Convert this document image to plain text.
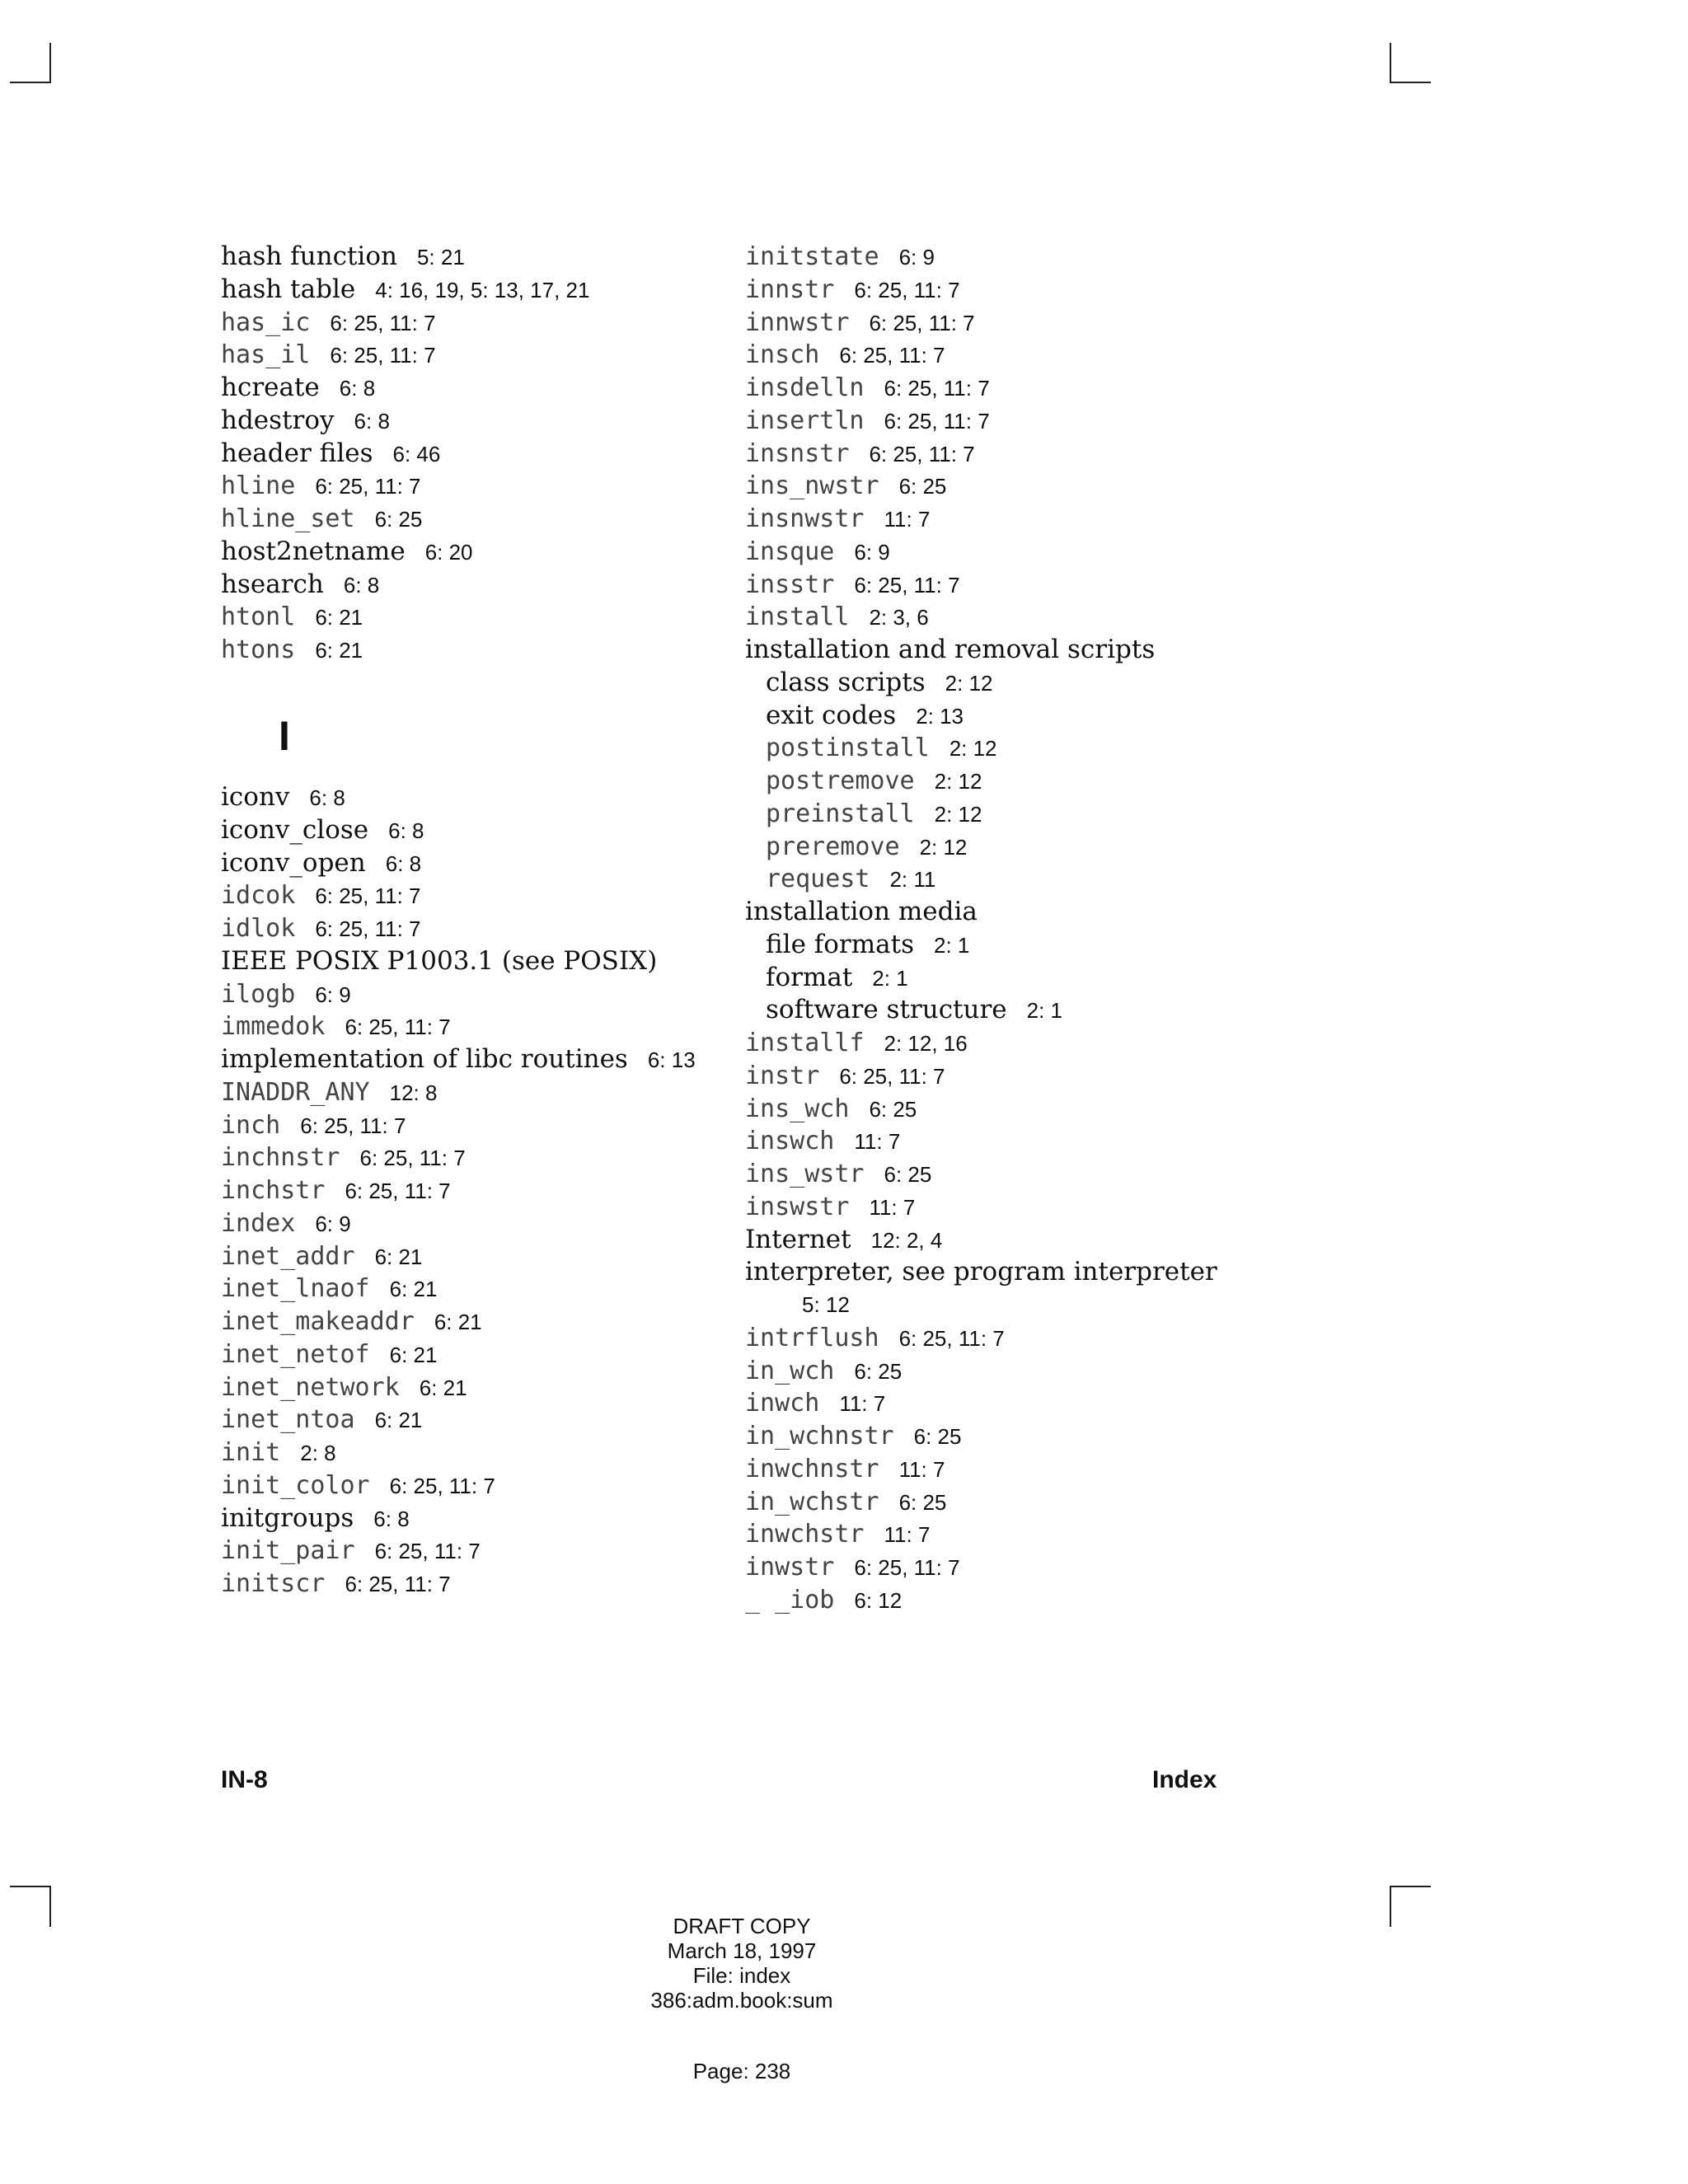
hash function 5: 21
hash table 4: 16, 19, 5: 13, 17, 21
has_ic 6: 25, 11: 7
has_il 6: 25, 11: 7
hcreate 6: 8
hdestroy 6: 8
header files 6: 46
hline 6: 25, 11: 7
hline_set 6: 25
host2netname 6: 20
hsearch 6: 8
htonl 6: 21
htons 6: 21
I
iconv 6: 8
iconv_close 6: 8
iconv_open 6: 8
idcok 6: 25, 11: 7
idlok 6: 25, 11: 7
IEEE POSIX P1003.1 (see POSIX)
ilogb 6: 9
immedok 6: 25, 11: 7
implementation of libc routines 6: 13
INADDR_ANY 12: 8
inch 6: 25, 11: 7
inchnstr 6: 25, 11: 7
inchstr 6: 25, 11: 7
index 6: 9
inet_addr 6: 21
inet_lnaof 6: 21
inet_makeaddr 6: 21
inet_netof 6: 21
inet_network 6: 21
inet_ntoa 6: 21
init 2: 8
init_color 6: 25, 11: 7
initgroups 6: 8
init_pair 6: 25, 11: 7
initscr 6: 25, 11: 7
initstate 6: 9
innstr 6: 25, 11: 7
innwstr 6: 25, 11: 7
insch 6: 25, 11: 7
insdelln 6: 25, 11: 7
insertln 6: 25, 11: 7
insnstr 6: 25, 11: 7
ins_nwstr 6: 25
insnwstr 11: 7
insque 6: 9
insstr 6: 25, 11: 7
install 2: 3, 6
installation and removal scripts
class scripts 2: 12
exit codes 2: 13
postinstall 2: 12
postremove 2: 12
preinstall 2: 12
preremove 2: 12
request 2: 11
installation media
file formats 2: 1
format 2: 1
software structure 2: 1
installf 2: 12, 16
instr 6: 25, 11: 7
ins_wch 6: 25
inswch 11: 7
ins_wstr 6: 25
inswstr 11: 7
Internet 12: 2, 4
interpreter, see program interpreter
5: 12
intrflush 6: 25, 11: 7
in_wch 6: 25
inwch 11: 7
in_wchnstr 6: 25
inwchnstr 11: 7
in_wchstr 6: 25
inwchstr 11: 7
inwstr 6: 25, 11: 7
_ _iob 6: 12
IN-8	Index
DRAFT COPY
March 18, 1997
File: index
386:adm.book:sum
Page: 238
